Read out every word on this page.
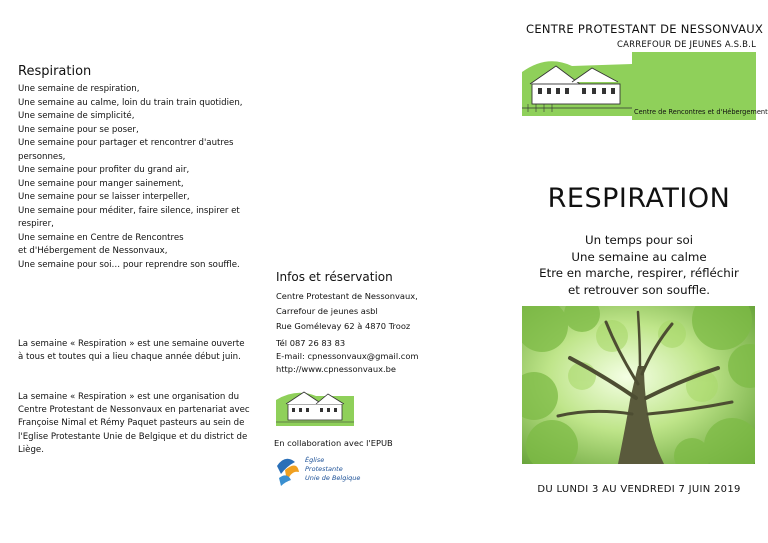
Respiration
Une semaine de respiration,
Une semaine au calme, loin du train train quotidien,
Une semaine de simplicité,
Une semaine pour se poser,
Une semaine pour partager et rencontrer d'autres
personnes,
Une semaine pour profiter du grand air,
Une semaine pour manger sainement,
Une semaine pour se laisser interpeller,
Une semaine pour méditer, faire silence, inspirer et
respirer,
Une semaine en Centre de Rencontres
et d'Hébergement de Nessonvaux,
Une semaine pour soi… pour reprendre son souffle.
La semaine « Respiration » est une semaine ouverte à tous et toutes qui a lieu chaque année début juin.
La semaine « Respiration » est une organisation du Centre Protestant de Nessonvaux en partenariat avec Françoise Nimal et Rémy Paquet pasteurs au sein de l'Eglise Protestante Unie de Belgique et du district de Liège.
Infos et réservation
Centre Protestant de Nessonvaux,
Carrefour de jeunes asbl
Rue Gomélevay 62 à 4870 Trooz
Tél 087 26 83 83
E-mail: cpnessonvaux@gmail.com
http://www.cpnessonvaux.be
En collaboration avec l'EPUB
Église
Protestante
Unie de Belgique
CENTRE PROTESTANT DE NESSONVAUX
CARREFOUR DE JEUNES A.S.B.L
Centre de Rencontres et d'Hébergement
RESPIRATION
Un temps pour soi
Une semaine au calme
Etre en marche, respirer, réfléchir
et retrouver son souffle.
DU LUNDI 3 AU VENDREDI 7 JUIN 2019
